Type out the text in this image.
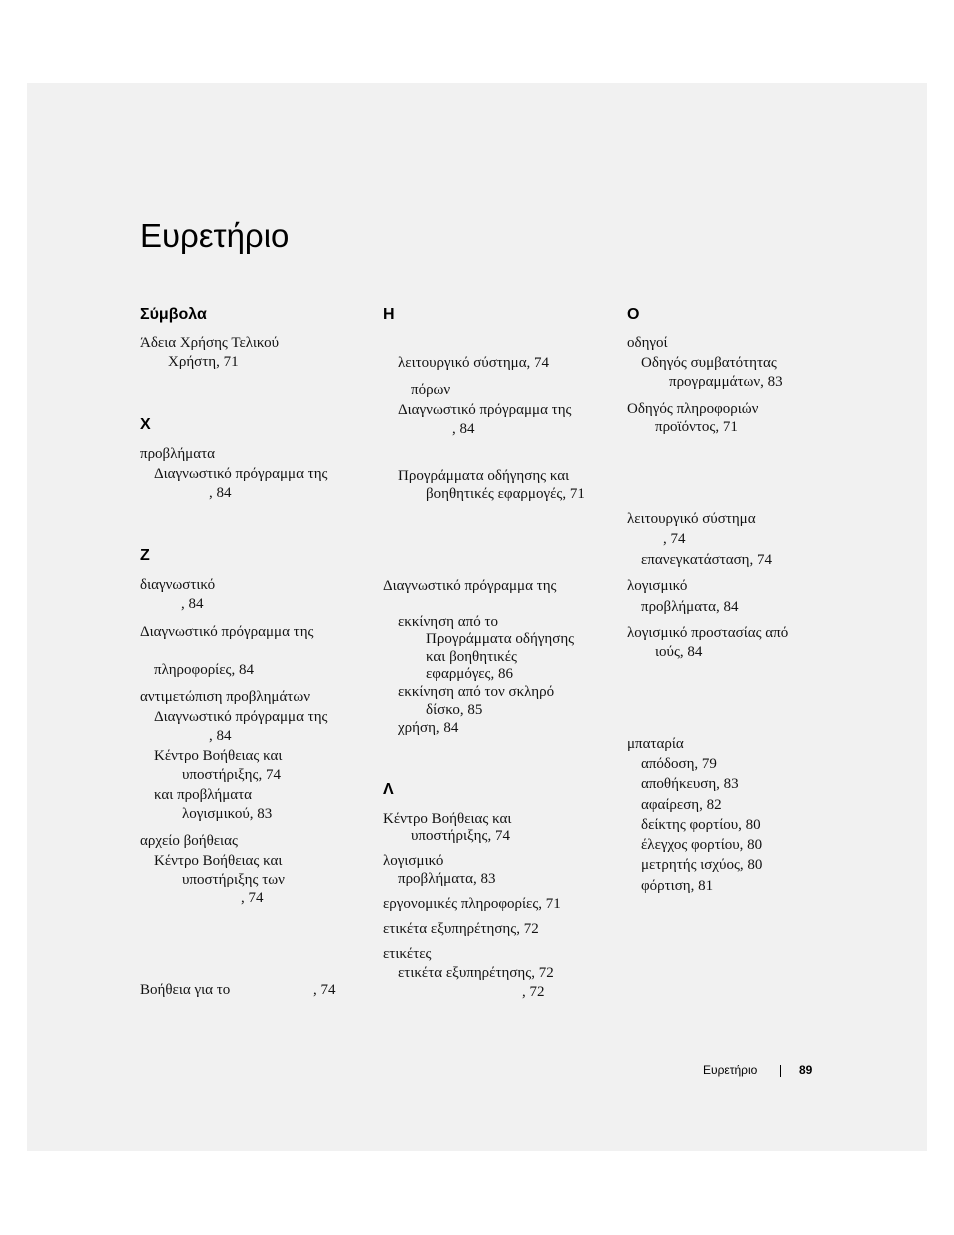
Ευρετήριο
Σύμβολα
Άδεια Χρήσης Τελικού
Χρήστη, 71
Χ
προβλήματα
Διαγνωστικό πρόγραμμα της
, 84
Ζ
διαγνωστικό
, 84
Διαγνωστικό πρόγραμμα της
πληροφορίες, 84
αντιμετώπιση προβλημάτων
Διαγνωστικό πρόγραμμα της
, 84
Κέντρο Βοήθειας και
υποστήριξης, 74
και προβλήματα
λογισμικού, 83
αρχείο βοήθειας
Κέντρο Βοήθειας και
υποστήριξης των
, 74
Βοήθεια για το	, 74
Η
λειτουργικό σύστημα, 74
πόρων
Διαγνωστικό πρόγραμμα της
, 84
Προγράμματα οδήγησης και
βοηθητικές εφαρμογές, 71
Διαγνωστικό πρόγραμμα της
εκκίνηση από το
Προγράμματα οδήγησης
και βοηθητικές
εφαρμόγες, 86
εκκίνηση από τον σκληρό
δίσκο, 85
χρήση, 84
Λ
Κέντρο Βοήθειας και
υποστήριξης, 74
λογισμικό
προβλήματα, 83
εργονομικές πληροφορίες, 71
ετικέτα εξυπηρέτησης, 72
ετικέτες
ετικέτα εξυπηρέτησης, 72
, 72
Ο
οδηγοί
Οδηγός συμβατότητας
προγραμμάτων, 83
Οδηγός πληροφοριών
προϊόντος, 71
λειτουργικό σύστημα
, 74
επανεγκατάσταση, 74
λογισμικό
προβλήματα, 84
λογισμικό προστασίας από
ιούς, 84
μπαταρία
απόδοση, 79
αποθήκευση, 83
αφαίρεση, 82
δείκτης φορτίου, 80
έλεγχος φορτίου, 80
μετρητής ισχύος, 80
φόρτιση, 81
Ευρετήριο	89
